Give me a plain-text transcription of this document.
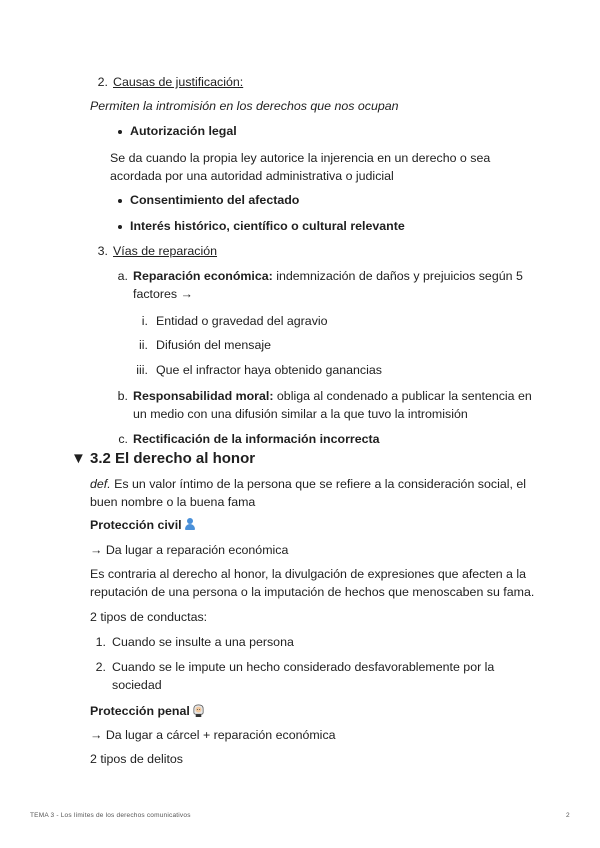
2. Causas de justificación:
Permiten la intromisión en los derechos que nos ocupan
Autorización legal
Se da cuando la propia ley autorice la injerencia en un derecho o sea
acordada por una autoridad administrativa o judicial
Consentimiento del afectado
Interés histórico, científico o cultural relevante
3. Vías de reparación
a. Reparación económica: indemnización de daños y prejuicios según 5
factores →
i. Entidad o gravedad del agravio
ii. Difusión del mensaje
iii. Que el infractor haya obtenido ganancias
b. Responsabilidad moral: obliga al condenado a publicar la sentencia en
un medio con una difusión similar a la que tuvo la intromisión
c. Rectificación de la información incorrecta
▼ 3.2 El derecho al honor
def. Es un valor íntimo de la persona que se refiere a la consideración social, el
buen nombre o la buena fama
Protección civil
→ Da lugar a reparación económica
Es contraria al derecho al honor, la divulgación de expresiones que afecten a la
reputación de una persona o la imputación de hechos que menoscaben su fama.
2 tipos de conductas:
1. Cuando se insulte a una persona
2. Cuando se le impute un hecho considerado desfavorablemente por la
sociedad
Protección penal
→ Da lugar a cárcel + reparación económica
2 tipos de delitos
TEMA 3 - Los límites de los derechos comunicativos	2
